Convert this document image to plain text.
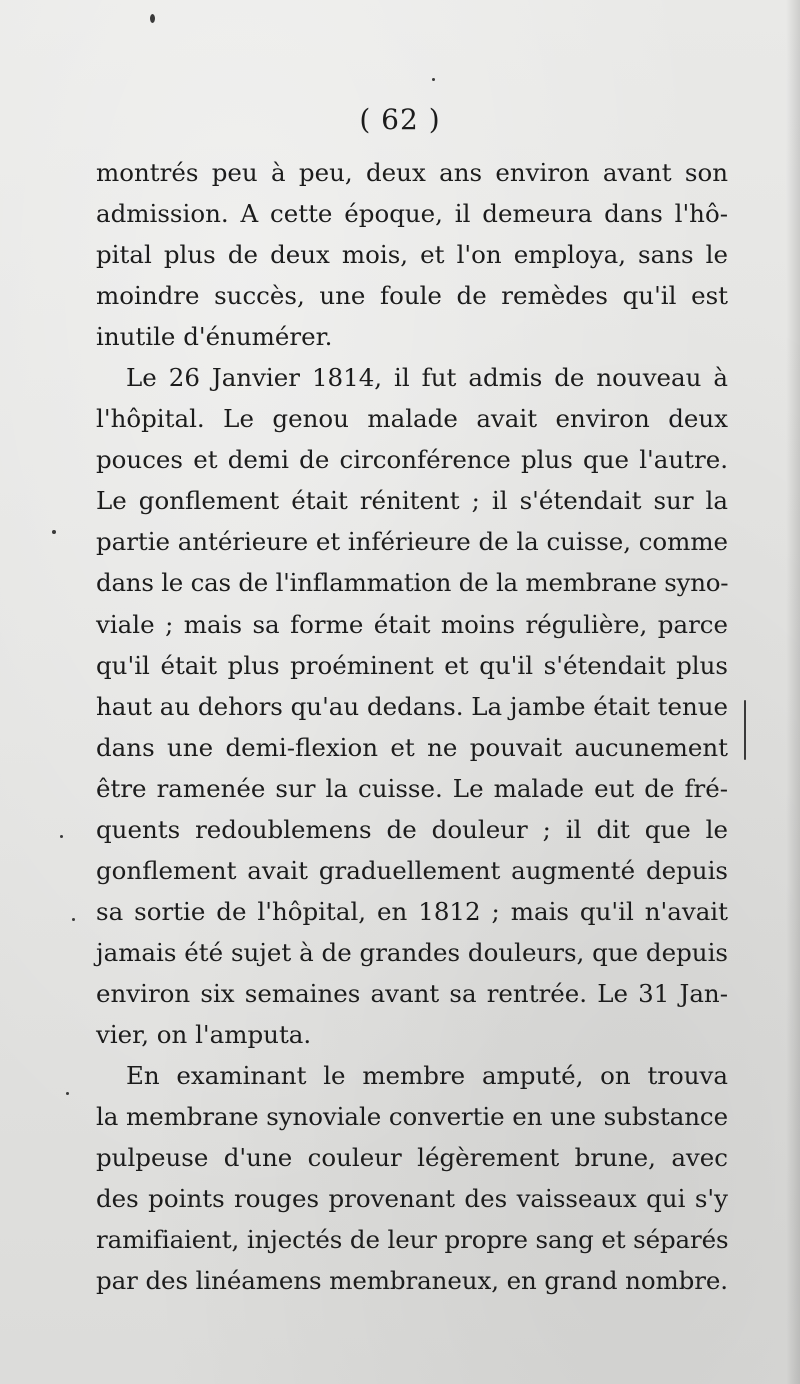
( 62 )

montrés peu à peu, deux ans environ avant son

admission. A cette époque, il demeura dans l'hô-

pital plus de deux mois, et l'on employa, sans le

moindre succès, une foule de remèdes qu'il est

inutile d'énumérer.

Le 26 Janvier 1814, il fut admis de nouveau à

l'hôpital. Le genou malade avait environ deux

pouces et demi de circonférence plus que l'autre.

Le gonflement était rénitent ; il s'étendait sur la

partie antérieure et inférieure de la cuisse, comme

dans le cas de l'inflammation de la membrane syno-

viale ; mais sa forme était moins régulière, parce

qu'il était plus proéminent et qu'il s'étendait plus

haut au dehors qu'au dedans. La jambe était tenue

dans une demi-flexion et ne pouvait aucunement

être ramenée sur la cuisse. Le malade eut de fré-

quents redoublemens de douleur ; il dit que le

gonflement avait graduellement augmenté depuis

sa sortie de l'hôpital, en 1812 ; mais qu'il n'avait

jamais été sujet à de grandes douleurs, que depuis

environ six semaines avant sa rentrée. Le 31 Jan-

vier, on l'amputa.

En examinant le membre amputé, on trouva

la membrane synoviale convertie en une substance

pulpeuse d'une couleur légèrement brune, avec

des points rouges provenant des vaisseaux qui s'y

ramifiaient, injectés de leur propre sang et séparés

par des linéamens membraneux, en grand nombre.
